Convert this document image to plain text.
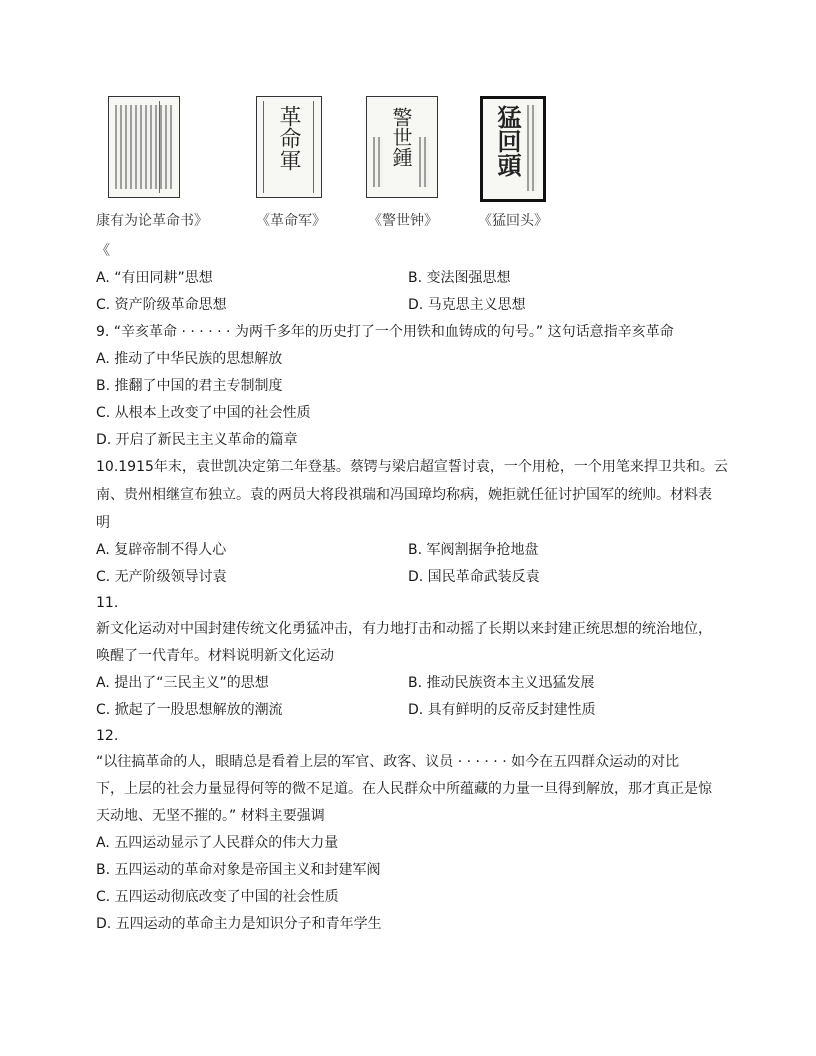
康有为论革命书》
革命軍
《革命军》
警世鍾
《警世钟》
猛回頭
《猛回头》
《
A. “有田同耕”思想	B. 变法图强思想
C. 资产阶级革命思想	D. 马克思主义思想
9. “辛亥革命 · · · · · · 为两千多年的历史打了一个用铁和血铸成的句号。” 这句话意指辛亥革命
A. 推动了中华民族的思想解放
B. 推翻了中国的君主专制制度
C. 从根本上改变了中国的社会性质
D. 开启了新民主主义革命的篇章
10.1915年末，袁世凯决定第二年登基。蔡锷与梁启超宣誓讨袁，一个用枪，一个用笔来捍卫共和。云
南、贵州相继宣布独立。袁的两员大将段祺瑞和冯国璋均称病，婉拒就任征讨护国军的统帅。材料表
明
A. 复辟帝制不得人心	B. 军阀割据争抢地盘
C. 无产阶级领导讨袁	D. 国民革命武装反袁
11.
新文化运动对中国封建传统文化勇猛冲击，有力地打击和动摇了长期以来封建正统思想的统治地位，
唤醒了一代青年。材料说明新文化运动
A. 提出了“三民主义”的思想	B. 推动民族资本主义迅猛发展
C. 掀起了一股思想解放的潮流	D. 具有鲜明的反帝反封建性质
12.
“以往搞革命的人，眼睛总是看着上层的军官、政客、议员 · · · · · · 如今在五四群众运动的对比
下，上层的社会力量显得何等的微不足道。在人民群众中所蕴藏的力量一旦得到解放，那才真正是惊
天动地、无坚不摧的。” 材料主要强调
A. 五四运动显示了人民群众的伟大力量
B. 五四运动的革命对象是帝国主义和封建军阀
C. 五四运动彻底改变了中国的社会性质
D. 五四运动的革命主力是知识分子和青年学生
